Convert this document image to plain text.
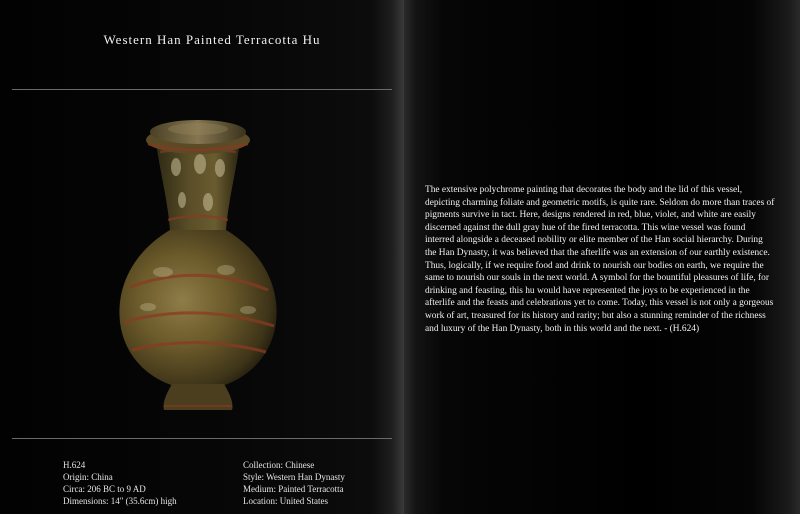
Western Han Painted Terracotta Hu
H.624
Origin: China
Circa: 206 BC to 9 AD
Dimensions: 14" (35.6cm) high
Collection: Chinese
Style: Western Han Dynasty
Medium: Painted Terracotta
Location: United States
The extensive polychrome painting that decorates the body and the lid of this vessel, depicting charming foliate and geometric motifs, is quite rare. Seldom do more than traces of pigments survive in tact. Here, designs rendered in red, blue, violet, and white are easily discerned against the dull gray hue of the fired terracotta. This wine vessel was found interred alongside a deceased nobility or elite member of the Han social hierarchy. During the Han Dynasty, it was believed that the afterlife was an extension of our earthly existence. Thus, logically, if we require food and drink to nourish our bodies on earth, we require the same to nourish our souls in the next world. A symbol for the bountiful pleasures of life, for drinking and feasting, this hu would have represented the joys to be experienced in the afterlife and the feasts and celebrations yet to come. Today, this vessel is not only a gorgeous work of art, treasured for its history and rarity; but also a stunning reminder of the richness and luxury of the Han Dynasty, both in this world and the next. - (H.624)
